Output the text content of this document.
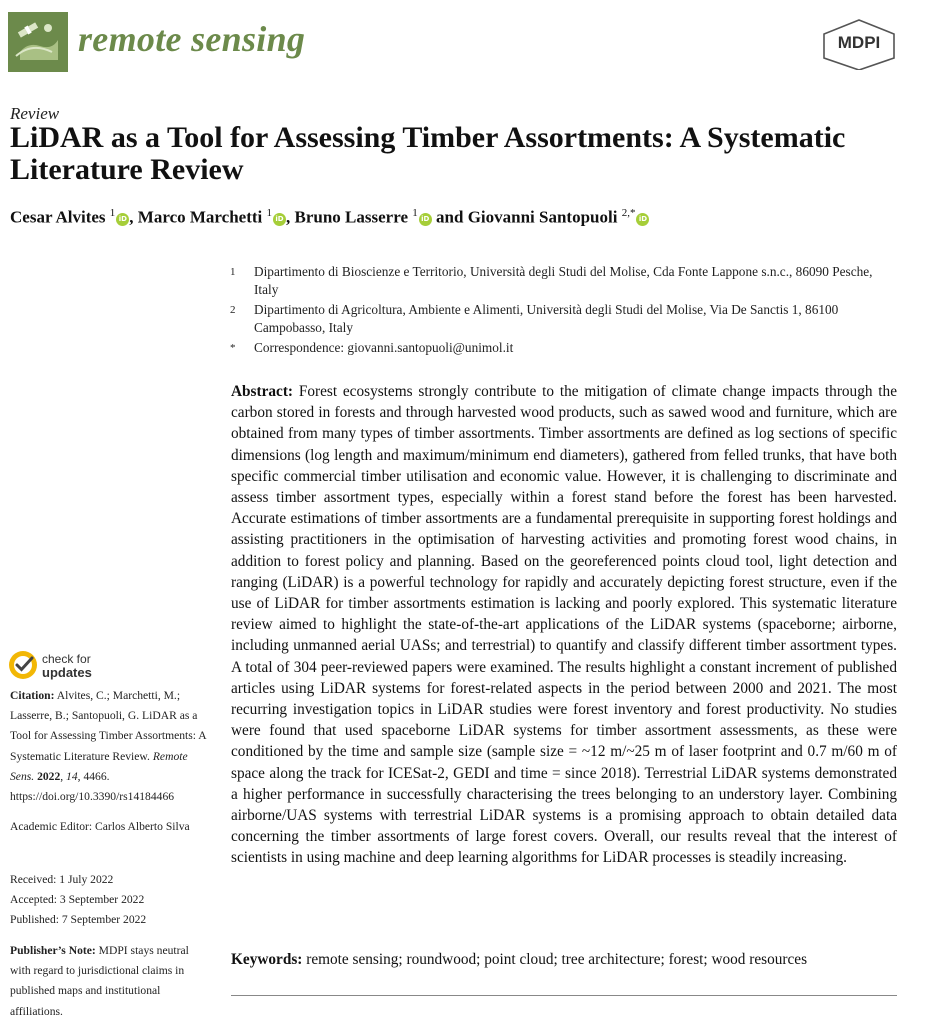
remote sensing	MDPI
Review
LiDAR as a Tool for Assessing Timber Assortments: A Systematic Literature Review
Cesar Alvites $^1$ iD , Marco Marchetti $^1$ iD , Bruno Lasserre $^1$ iD and Giovanni Santopuoli $^{2,*}$ iD
1 Dipartimento di Bioscienze e Territorio, Università degli Studi del Molise, Cda Fonte Lappone s.n.c., 86090 Pesche, Italy
2 Dipartimento di Agricoltura, Ambiente e Alimenti, Università degli Studi del Molise, Via De Sanctis 1, 86100 Campobasso, Italy
* Correspondence: giovanni.santopuoli@unimol.it

Abstract: Forest ecosystems strongly contribute to the mitigation of climate change impacts through the carbon stored in forests and through harvested wood products, such as sawed wood and furniture, which are obtained from many types of timber assortments. Timber assortments are defined as log sections of specific dimensions (log length and maximum/minimum end diameters), gathered from felled trunks, that have both specific commercial timber utilisation and economic value. However, it is challenging to discriminate and assess timber assortment types, especially within a forest stand before the forest has been harvested. Accurate estimations of timber assortments are a fundamental prerequisite in supporting forest holdings and assisting practitioners in the optimisation of harvesting activities and promoting forest wood chains, in addition to forest policy and planning. Based on the georeferenced points cloud tool, light detection and ranging (LiDAR) is a powerful technology for rapidly and accurately depicting forest structure, even if the use of LiDAR for timber assortments estimation is lacking and poorly explored. This systematic literature review aimed to highlight the state-of-the-art applications of the LiDAR systems (spaceborne; airborne, including unmanned aerial UASs; and terrestrial) to quantify and classify different timber assortment types. A total of 304 peer-reviewed papers were examined. The results highlight a constant increment of published articles using LiDAR systems for forest-related aspects in the period between 2000 and 2021. The most recurring investigation topics in LiDAR studies were forest inventory and forest productivity. No studies were found that used spaceborne LiDAR systems for timber assortment assessments, as these were conditioned by the time and sample size (sample size = ~12 m/~25 m of laser footprint and 0.7 m/60 m of space along the track for ICESat-2, GEDI and time = since 2018). Terrestrial LiDAR systems demonstrated a higher performance in successfully characterising the trees belonging to an understory layer. Combining airborne/UAS systems with terrestrial LiDAR systems is a promising approach to obtain detailed data concerning the timber assortments of large forest covers. Overall, our results reveal that the interest of scientists in using machine and deep learning algorithms for LiDAR processes is steadily increasing.

Keywords: remote sensing; roundwood; point cloud; tree architecture; forest; wood resources
check for
updates
Citation: Alvites, C.; Marchetti, M.; Lasserre, B.; Santopuoli, G. LiDAR as a Tool for Assessing Timber Assortments: A Systematic Literature Review. Remote Sens. 2022, 14, 4466. https://doi.org/10.3390/rs14184466
Academic Editor: Carlos Alberto Silva
Received: 1 July 2022
Accepted: 3 September 2022
Published: 7 September 2022
Publisher’s Note: MDPI stays neutral with regard to jurisdictional claims in published maps and institutional affiliations.
